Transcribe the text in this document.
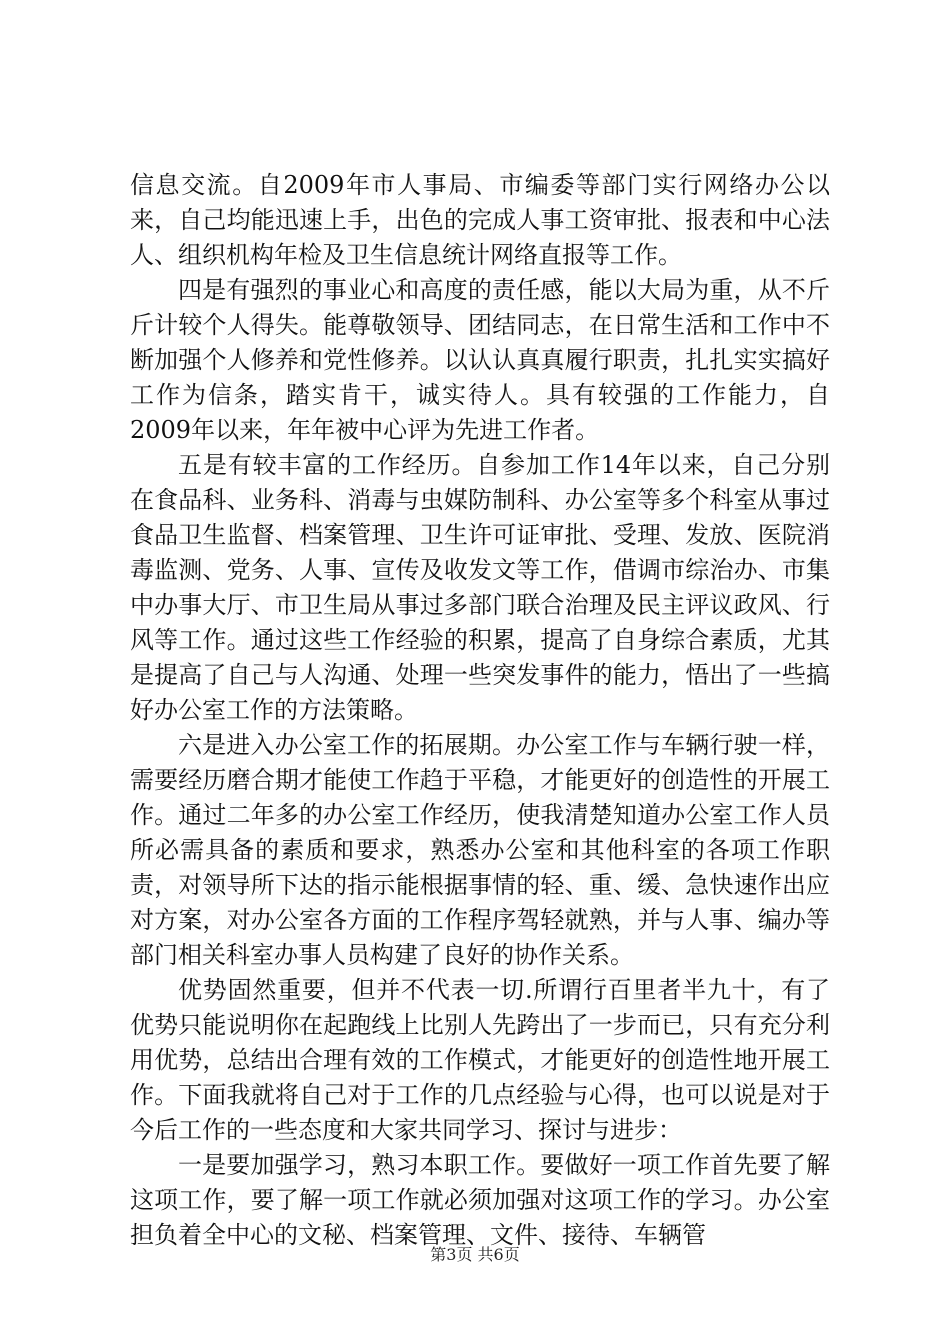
信息交流。自2009年市人事局、市编委等部门实行网络办公以来，自己均能迅速上手，出色的完成人事工资审批、报表和中心法人、组织机构年检及卫生信息统计网络直报等工作。

四是有强烈的事业心和高度的责任感，能以大局为重，从不斤斤计较个人得失。能尊敬领导、团结同志，在日常生活和工作中不断加强个人修养和党性修养。以认认真真履行职责，扎扎实实搞好工作为信条，踏实肯干，诚实待人。具有较强的工作能力，自2009年以来，年年被中心评为先进工作者。

五是有较丰富的工作经历。自参加工作14年以来，自己分别在食品科、业务科、消毒与虫媒防制科、办公室等多个科室从事过食品卫生监督、档案管理、卫生许可证审批、受理、发放、医院消毒监测、党务、人事、宣传及收发文等工作，借调市综治办、市集中办事大厅、市卫生局从事过多部门联合治理及民主评议政风、行风等工作。通过这些工作经验的积累，提高了自身综合素质，尤其是提高了自己与人沟通、处理一些突发事件的能力，悟出了一些搞好办公室工作的方法策略。

六是进入办公室工作的拓展期。办公室工作与车辆行驶一样，需要经历磨合期才能使工作趋于平稳，才能更好的创造性的开展工作。通过二年多的办公室工作经历，使我清楚知道办公室工作人员所必需具备的素质和要求，熟悉办公室和其他科室的各项工作职责，对领导所下达的指示能根据事情的轻、重、缓、急快速作出应对方案，对办公室各方面的工作程序驾轻就熟，并与人事、编办等部门相关科室办事人员构建了良好的协作关系。

优势固然重要，但并不代表一切.所谓行百里者半九十，有了优势只能说明你在起跑线上比别人先跨出了一步而已，只有充分利用优势，总结出合理有效的工作模式，才能更好的创造性地开展工作。下面我就将自己对于工作的几点经验与心得，也可以说是对于今后工作的一些态度和大家共同学习、探讨与进步：

一是要加强学习，熟习本职工作。要做好一项工作首先要了解这项工作，要了解一项工作就必须加强对这项工作的学习。办公室担负着全中心的文秘、档案管理、文件、接待、车辆管

第3页 共6页
